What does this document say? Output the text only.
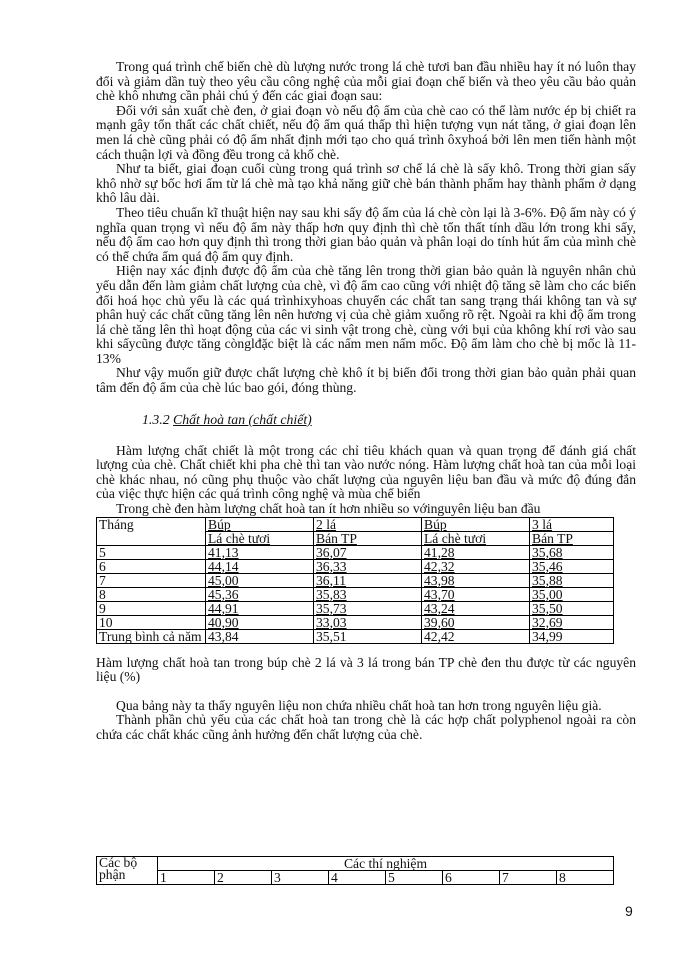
Trong quá trình chế biến chè dù lượng nước trong lá chè tươi ban đầu nhiều hay ít nó luôn thay đổi và giảm dần tuỳ theo yêu cầu công nghệ của mỗi giai đoạn chế biến và theo yêu cầu bảo quản chè khô nhưng cần phải chú ý đến các giai đoạn sau:

Đối với sản xuất chè đen, ở giai đoạn vò nếu độ ẩm của chè cao có thể làm nước ép bị chiết ra mạnh gây tổn thất các chất chiết, nếu độ ẩm quá thấp thì hiện tượng vụn nát tăng, ở giai đoạn lên men lá chè cũng phải có độ ẩm nhất định mới tạo cho quá trình ôxyhoá bởi lên men tiến hành một cách thuận lợi và đồng đều trong cả khố chè.

Như ta biết, giai đoạn cuối cùng trong quá trình sơ chế lá chè là sấy khô. Trong thời gian sấy khô nhờ sự bốc hơi ẩm từ lá chè mà tạo khả năng giữ chè bán thành phẩm hay thành phẩm ở dạng khô lâu dài.

Theo tiêu chuẩn kĩ thuật hiện nay sau khi sấy độ ẩm của lá chè còn lại là 3-6%. Độ ẩm này có ý nghĩa quan trọng vì nếu độ ẩm này thấp hơn quy định thì chè tổn thất tính dầu lớn trong khi sấy, nếu độ ẩm cao hơn quy định thì trong thời gian bảo quản và phân loại do tính hút ẩm của mình chè có thể chứa ẩm quá độ ẩm quy định.

Hiện nay xác định được độ ẩm của chè tăng lên trong thời gian bảo quản là nguyên nhân chủ yếu dẫn đến làm giảm chất lượng của chè, vì độ ẩm cao cũng với nhiệt độ tăng sẽ làm cho các biến đổi hoá học chủ yếu là các quá trìnhixyhoas chuyển các chất tan sang trạng thái không tan và sự phân huỷ các chất cũng tăng lên nên hương vị của chè giảm xuống rõ rệt. Ngoài ra khi độ ẩm trong lá chè tăng lên thì hoạt động của các vi sinh vật trong chè, cùng với bụi của không khí rơi vào sau khi sấycũng được tăng cònglđặc biệt là các nấm men nấm mốc. Độ ẩm làm cho chè bị mốc là 11- 13%

Như vậy muốn giữ được chất lượng chè khô ít bị biến đổi trong thời gian bảo quản phải quan tâm đến độ ẩm của chè lúc bao gói, đóng thùng.

1.3.2 Chất hoà tan (chất chiết)

Hàm lượng chất chiết là một trong các chỉ tiêu khách quan và quan trọng để đánh giá chất lượng của chè. Chất chiết khi pha chè thì tan vào nước nóng. Hàm lượng chất hoà tan của mỗi loại chè khác nhau, nó cũng phụ thuộc vào chất lượng của nguyên liệu ban đầu và mức độ đúng đắn của việc thực hiện các quá trình công nghệ và mùa chế biến

Trong chè đen hàm lượng chất hoà tan ít hơn nhiều so vớinguyên liệu ban đầu

Tháng	Búp	2 lá	Búp	3 lá
	Lá chè tươi	Bán TP	Lá chè tươi	Bán TP
5	41,13	36,07	41,28	35,68
6	44,14	36,33	42,32	35,46
7	45,00	36,11	43,98	35,88
8	45,36	35,83	43,70	35,00
9	44,91	35,73	43,24	35,50
10	40,90	33,03	39,60	32,69
Trung bình cả năm	43,84	35,51	42,42	34,99

Hàm lượng chất hoà tan trong búp chè 2 lá và 3 lá trong bán TP chè đen thu được từ các nguyên liệu (%)

Qua bảng này ta thấy nguyên liệu non chứa nhiều chất hoà tan hơn trong nguyên liệu già.

Thành phần chủ yếu của các chất hoà tan trong chè là các hợp chất polyphenol ngoài ra còn chứa các chất khác cũng ảnh hưởng đến chất lượng của chè.

Các bộ phận	Các thí nghiệm							
	1	2	3	4	5	6	7	8
9
